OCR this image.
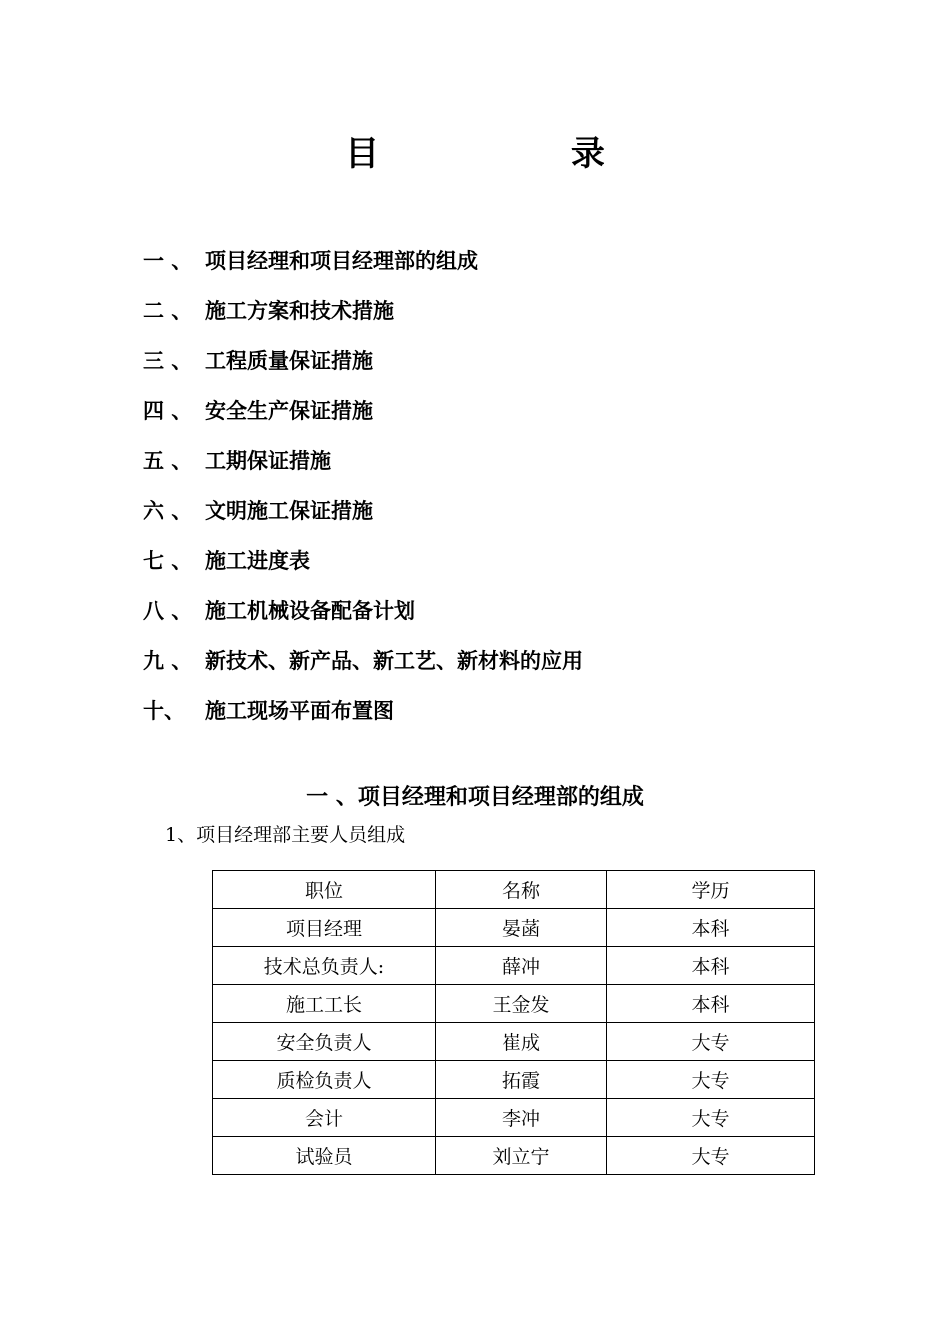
目 录
一 、 项目经理和项目经理部的组成
二 、 施工方案和技术措施
三 、 工程质量保证措施
四 、 安全生产保证措施
五 、 工期保证措施
六 、 文明施工保证措施
七 、 施工进度表
八 、 施工机械设备配备计划
九 、 新技术、新产品、新工艺、新材料的应用
十、 施工现场平面布置图
一 、项目经理和项目经理部的组成
1、项目经理部主要人员组成
职位	名称	学历
项目经理	晏菡	本科
技术总负责人:	薛冲	本科
施工工长	王金发	本科
安全负责人	崔成	大专
质检负责人	拓霞	大专
会计	李冲	大专
试验员	刘立宁	大专
